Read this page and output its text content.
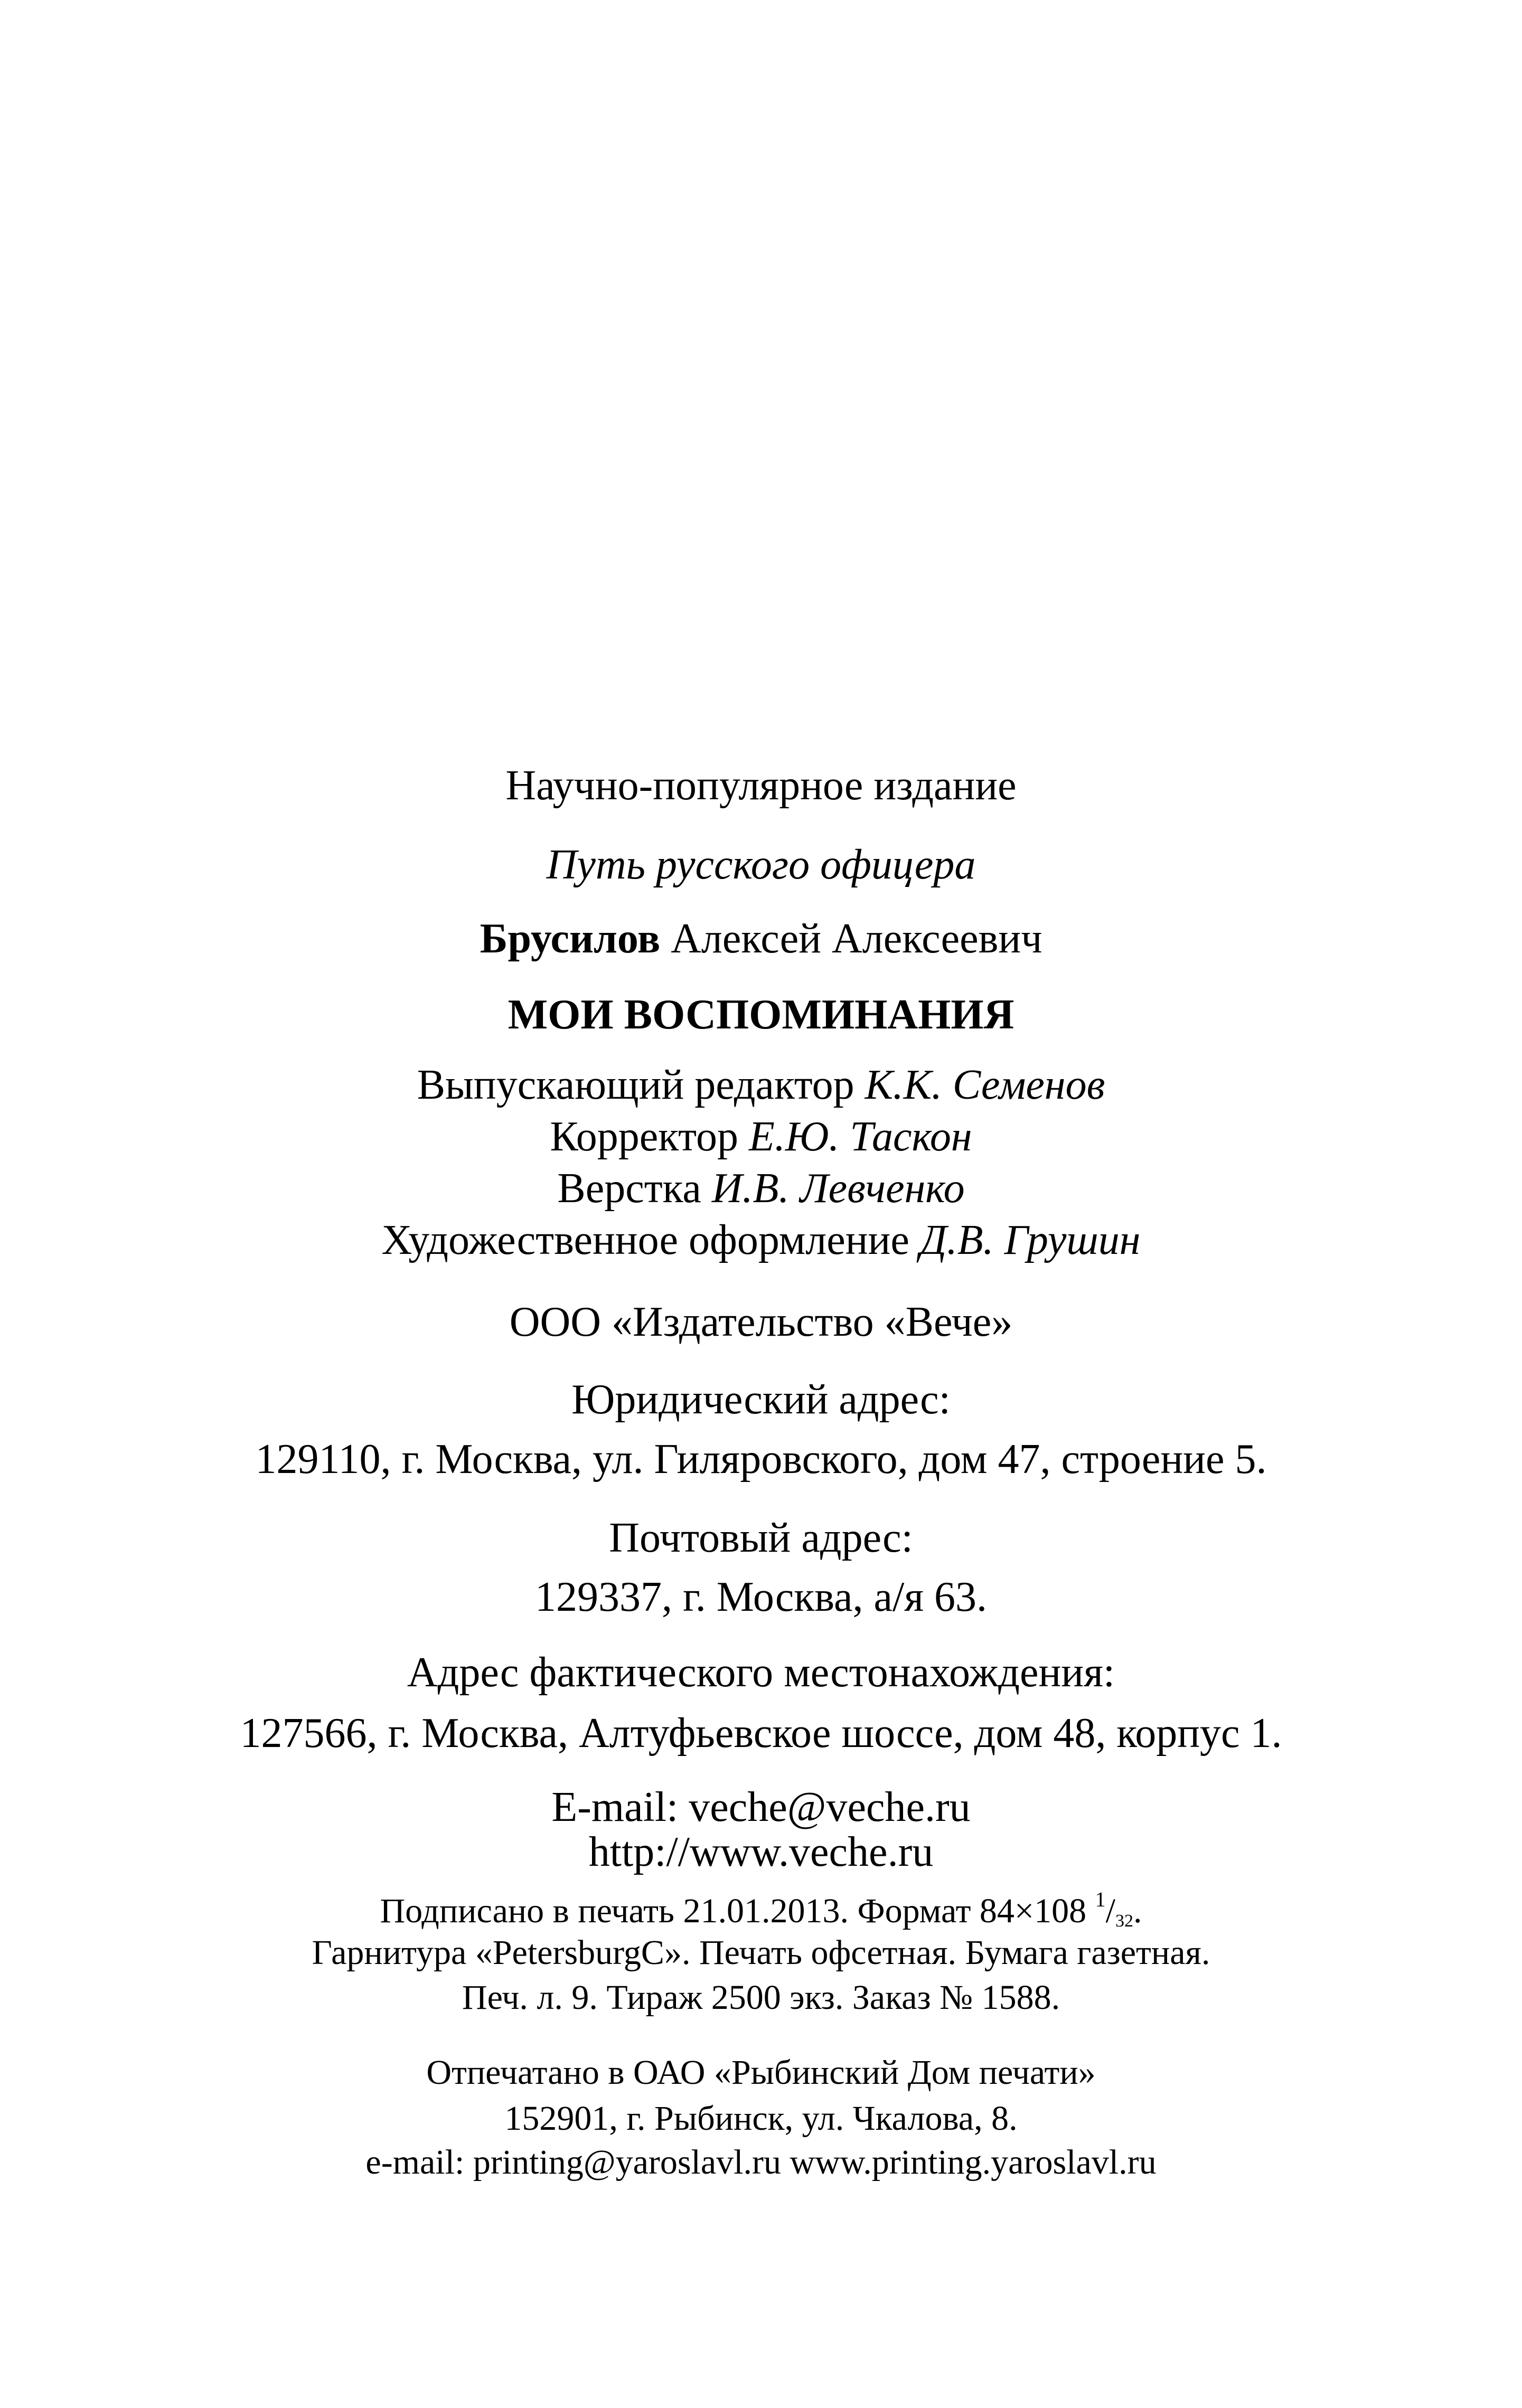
Научно-популярное издание
Путь русского офицера
Брусилов Алексей Алексеевич
МОИ ВОСПОМИНАНИЯ
Выпускающий редактор К.К. Семенов
Корректор Е.Ю. Таскон
Верстка И.В. Левченко
Художественное оформление Д.В. Грушин
ООО «Издательство «Вече»
Юридический адрес:
129110, г. Москва, ул. Гиляровского, дом 47, строение 5.
Почтовый адрес:
129337, г. Москва, а/я 63.
Адрес фактического местонахождения:
127566, г. Москва, Алтуфьевское шоссе, дом 48, корпус 1.
E-mail: veche@veche.ru
http://www.veche.ru
Подписано в печать 21.01.2013. Формат 84×108 $^1/_{32}$.
Гарнитура «PetersburgC». Печать офсетная. Бумага газетная.
Печ. л. 9. Тираж 2500 экз. Заказ № 1588.
Отпечатано в ОАО «Рыбинский Дом печати»
152901, г. Рыбинск, ул. Чкалова, 8.
e-mail: printing@yaroslavl.ru www.printing.yaroslavl.ru
